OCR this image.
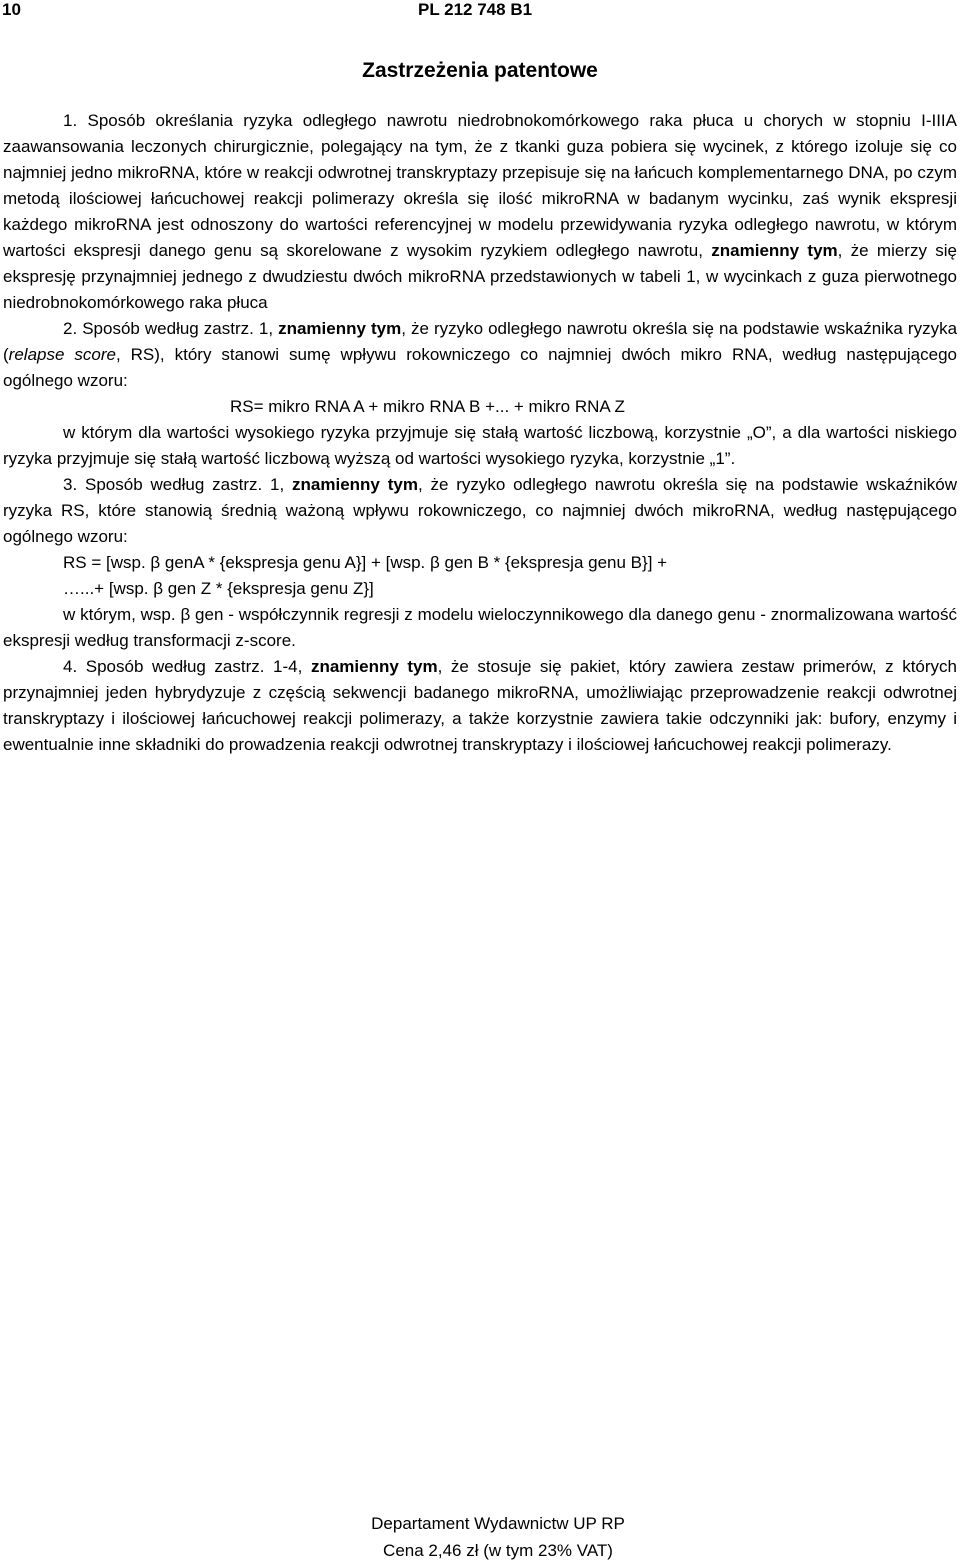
10	PL 212 748 B1
Zastrzeżenia patentowe

1. Sposób określania ryzyka odległego nawrotu niedrobnokomórkowego raka płuca u chorych w stopniu I-IIIA zaawansowania leczonych chirurgicznie, polegający na tym, że z tkanki guza pobiera się wycinek, z którego izoluje się co najmniej jedno mikroRNA, które w reakcji odwrotnej transkryptazy przepisuje się na łańcuch komplementarnego DNA, po czym metodą ilościowej łańcuchowej reakcji polimerazy określa się ilość mikroRNA w badanym wycinku, zaś wynik ekspresji każdego mikroRNA jest odnoszony do wartości referencyjnej w modelu przewidywania ryzyka odległego nawrotu, w którym wartości ekspresji danego genu są skorelowane z wysokim ryzykiem odległego nawrotu, znamienny tym, że mierzy się ekspresję przynajmniej jednego z dwudziestu dwóch mikroRNA przedstawionych w tabeli 1, w wycinkach z guza pierwotnego niedrobnokomórkowego raka płuca

2. Sposób według zastrz. 1, znamienny tym, że ryzyko odległego nawrotu określa się na podstawie wskaźnika ryzyka (relapse score, RS), który stanowi sumę wpływu rokowniczego co najmniej dwóch mikro RNA, według następującego ogólnego wzoru:

RS= mikro RNA A + mikro RNA B +... + mikro RNA Z

w którym dla wartości wysokiego ryzyka przyjmuje się stałą wartość liczbową, korzystnie „O”, a dla wartości niskiego ryzyka przyjmuje się stałą wartość liczbową wyższą od wartości wysokiego ryzyka, korzystnie „1”.

3. Sposób według zastrz. 1, znamienny tym, że ryzyko odległego nawrotu określa się na podstawie wskaźników ryzyka RS, które stanowią średnią ważoną wpływu rokowniczego, co najmniej dwóch mikroRNA, według następującego ogólnego wzoru:

RS = [wsp. β genA * {ekspresja genu A}] + [wsp. β gen B * {ekspresja genu B}] +

…...+ [wsp. β gen Z * {ekspresja genu Z}]

w którym, wsp. β gen - współczynnik regresji z modelu wieloczynnikowego dla danego genu - znormalizowana wartość ekspresji według transformacji z-score.

4. Sposób według zastrz. 1-4, znamienny tym, że stosuje się pakiet, który zawiera zestaw primerów, z których przynajmniej jeden hybrydyzuje z częścią sekwencji badanego mikroRNA, umożliwiając przeprowadzenie reakcji odwrotnej transkryptazy i ilościowej łańcuchowej reakcji polimerazy, a także korzystnie zawiera takie odczynniki jak: bufory, enzymy i ewentualnie inne składniki do prowadzenia reakcji odwrotnej transkryptazy i ilościowej łańcuchowej reakcji polimerazy.

Departament Wydawnictw UP RP
Cena 2,46 zł (w tym 23% VAT)
